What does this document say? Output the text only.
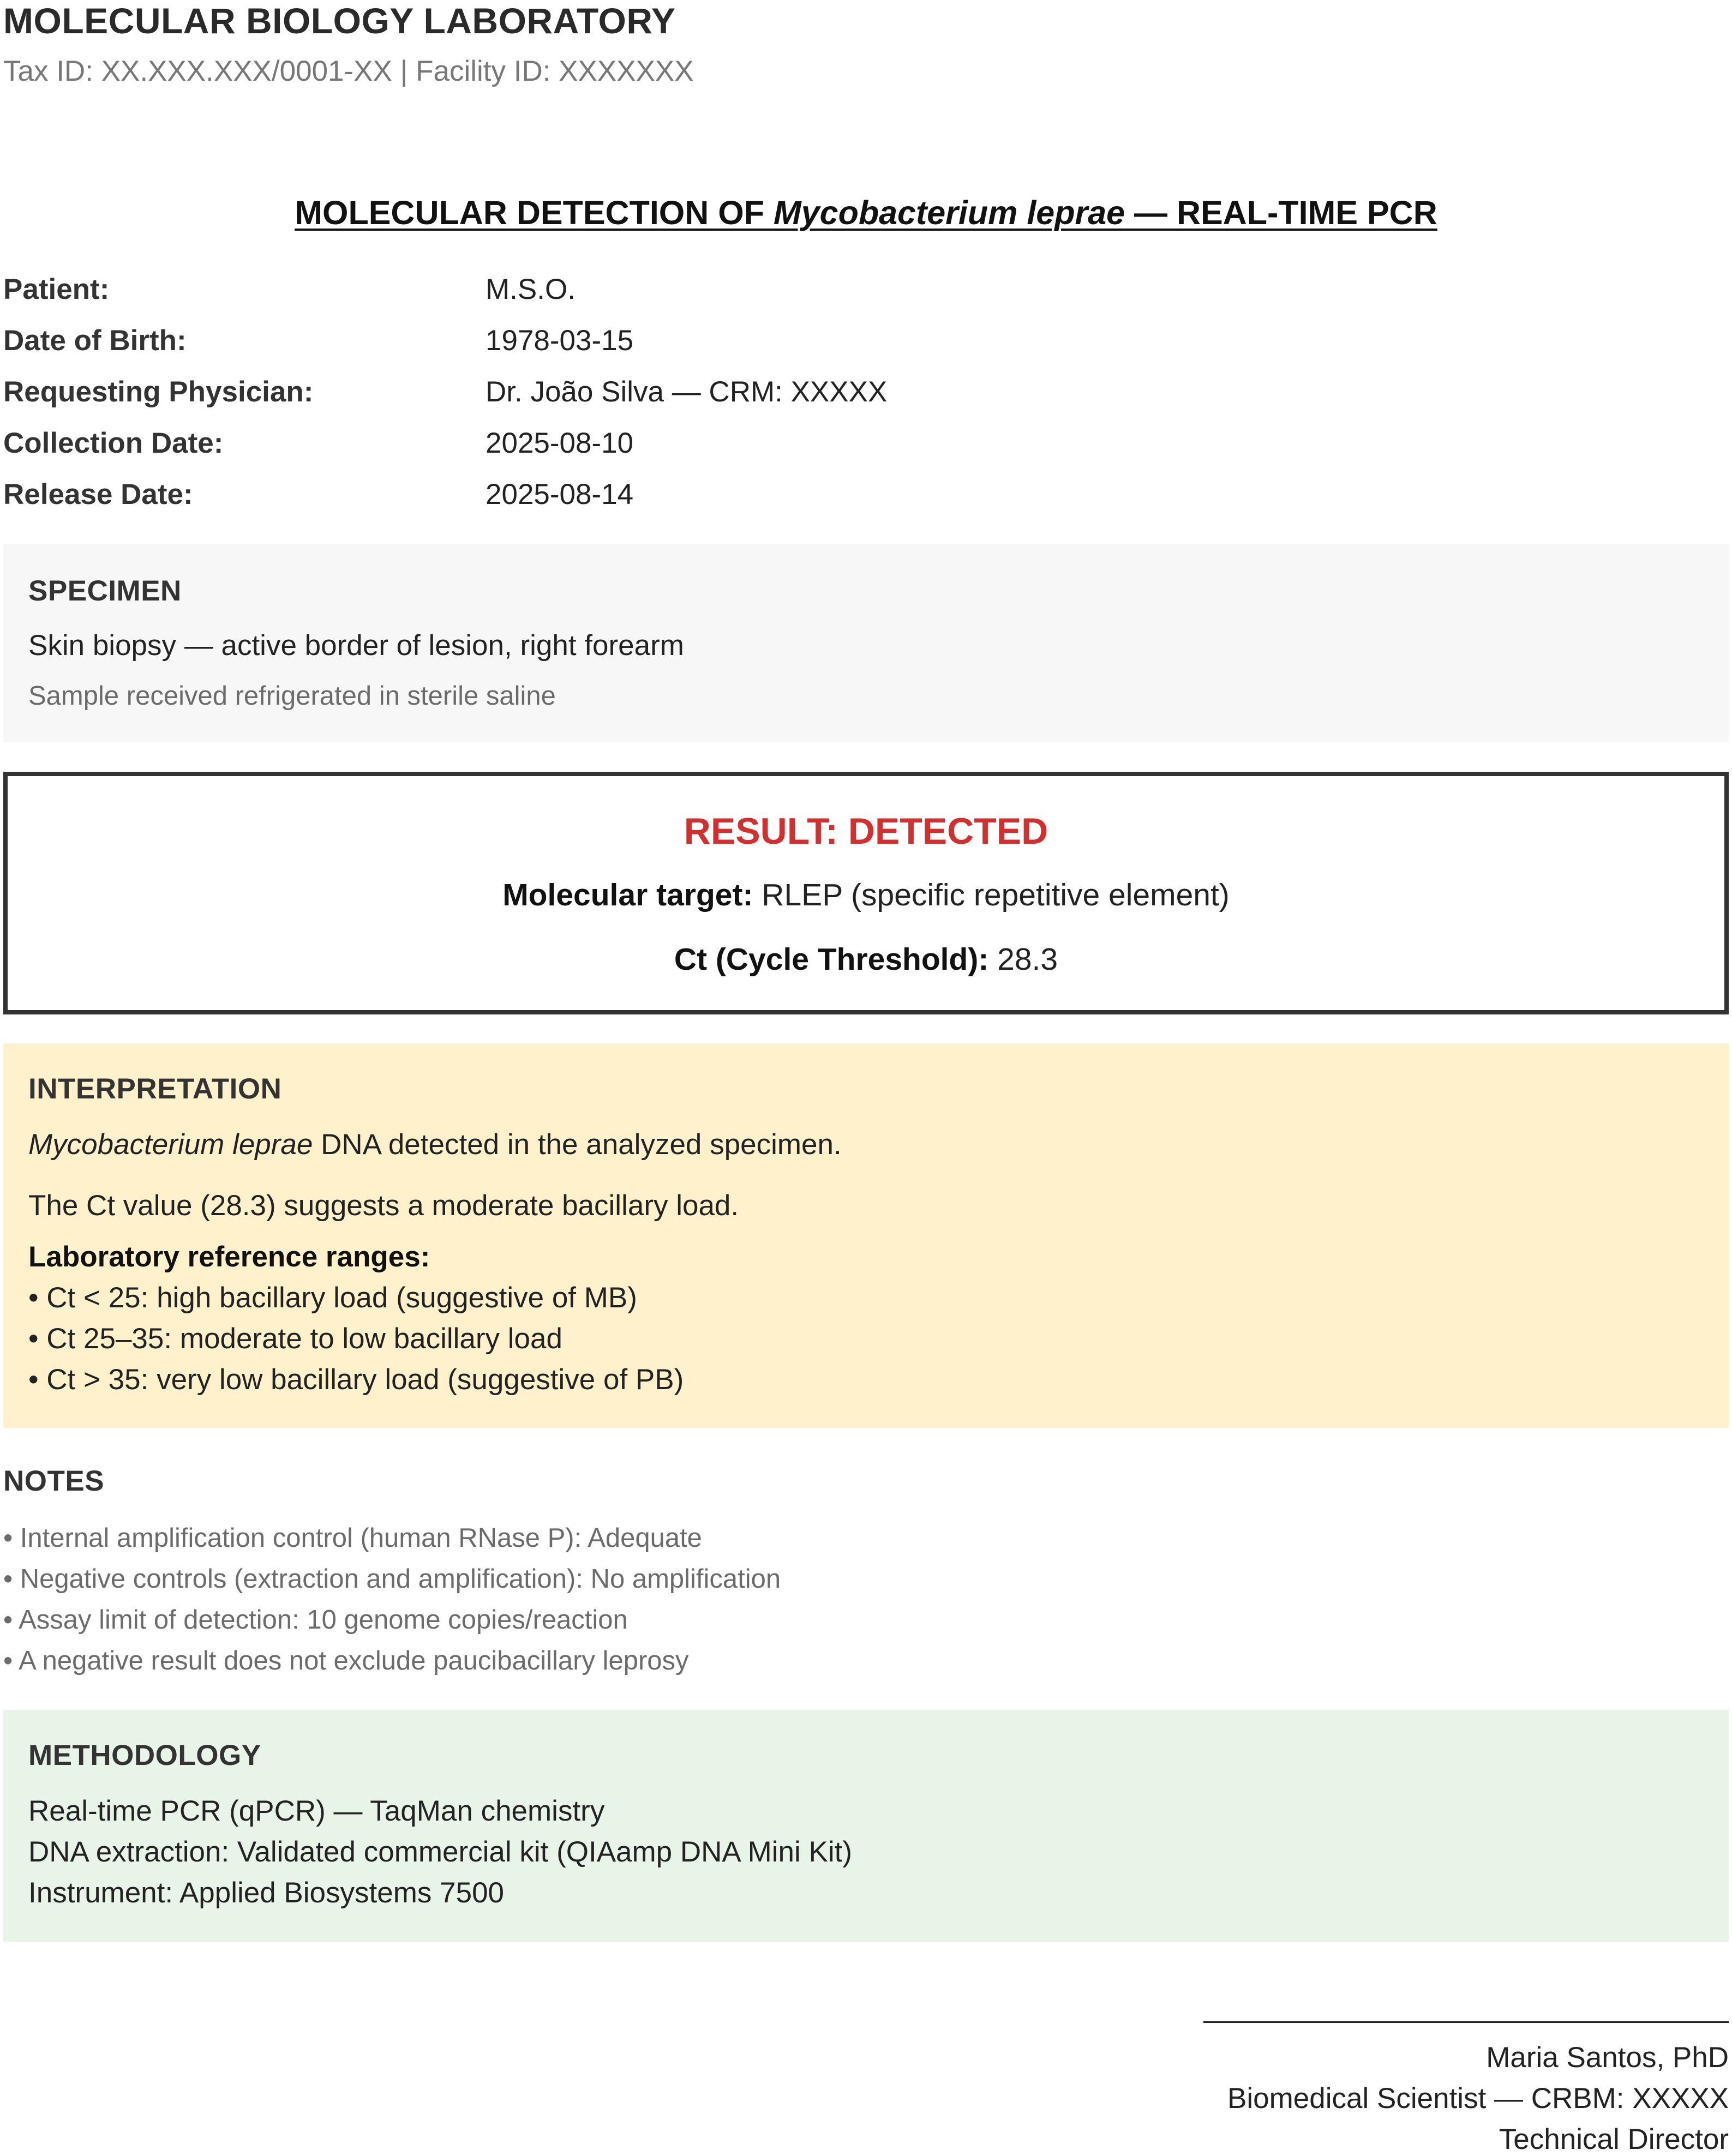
MOLECULAR BIOLOGY LABORATORY
Tax ID: XX.XXX.XXX/0001-XX | Facility ID: XXXXXXX
MOLECULAR DETECTION OF Mycobacterium leprae — REAL-TIME PCR
Patient:	M.S.O.
Date of Birth:	1978-03-15
Requesting Physician:	Dr. João Silva — CRM: XXXXX
Collection Date:	2025-08-10
Release Date:	2025-08-14
SPECIMEN
Skin biopsy — active border of lesion, right forearm
Sample received refrigerated in sterile saline
RESULT: DETECTED
Molecular target: RLEP (specific repetitive element)
Ct (Cycle Threshold): 28.3
INTERPRETATION
Mycobacterium leprae DNA detected in the analyzed specimen.
The Ct value (28.3) suggests a moderate bacillary load.
Laboratory reference ranges:
• Ct < 25: high bacillary load (suggestive of MB)
• Ct 25–35: moderate to low bacillary load
• Ct > 35: very low bacillary load (suggestive of PB)
NOTES
• Internal amplification control (human RNase P): Adequate
• Negative controls (extraction and amplification): No amplification
• Assay limit of detection: 10 genome copies/reaction
• A negative result does not exclude paucibacillary leprosy
METHODOLOGY
Real-time PCR (qPCR) — TaqMan chemistry
DNA extraction: Validated commercial kit (QIAamp DNA Mini Kit)
Instrument: Applied Biosystems 7500
Maria Santos, PhD
Biomedical Scientist — CRBM: XXXXX
Technical Director
